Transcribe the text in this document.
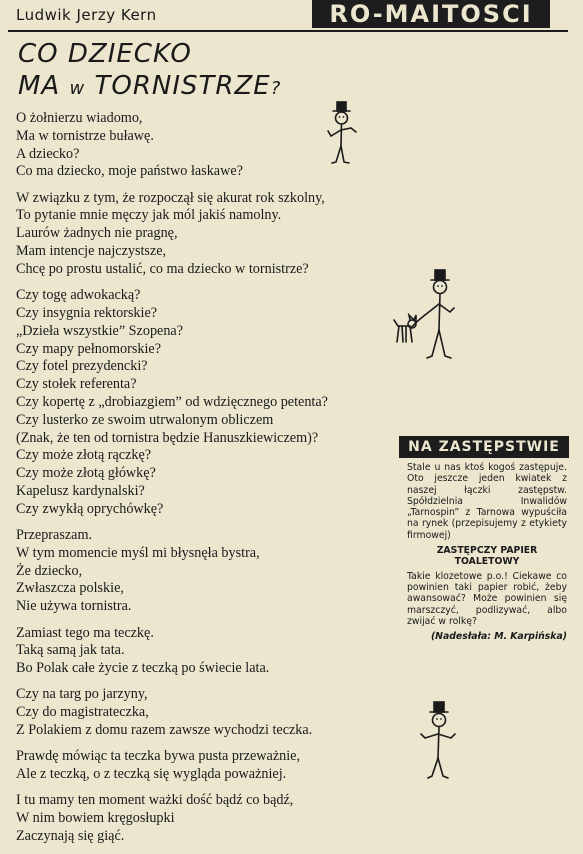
Ludwik Jerzy Kern	RO-MAITOSCI
CO DZIECKO
MA w TORNISTRZE?
O żołnierzu wiadomo,
Ma w tornistrze buławę.
A dziecko?
Co ma dziecko, moje państwo łaskawe?
W związku z tym, że rozpoczął się akurat rok szkolny,
To pytanie mnie męczy jak mól jakiś namolny.
Laurów żadnych nie pragnę,
Mam intencje najczystsze,
Chcę po prostu ustalić, co ma dziecko w tornistrze?
Czy togę adwokacką?
Czy insygnia rektorskie?
„Dzieła wszystkie” Szopena?
Czy mapy pełnomorskie?
Czy fotel prezydencki?
Czy stołek referenta?
Czy kopertę z „drobiazgiem” od wdzięcznego petenta?
Czy lusterko ze swoim utrwalonym obliczem
(Znak, że ten od tornistra będzie Hanuszkiewiczem)?
Czy może złotą rączkę?
Czy może złotą główkę?
Kapelusz kardynalski?
Czy zwykłą oprychówkę?
Przepraszam.
W tym momencie myśl mi błysnęła bystra,
Że dziecko,
Zwłaszcza polskie,
Nie używa tornistra.
Zamiast tego ma teczkę.
Taką samą jak tata.
Bo Polak całe życie z teczką po świecie lata.
Czy na targ po jarzyny,
Czy do magistrateczka,
Z Polakiem z domu razem zawsze wychodzi teczka.
Prawdę mówiąc ta teczka bywa pusta przeważnie,
Ale z teczką, o z teczką się wygląda poważniej.
I tu mamy ten moment ważki dość bądź co bądź,
W nim bowiem kręgosłupki
Zaczynają się giąć.
NA ZASTĘPSTWIE

Stale u nas ktoś kogoś zastępuje. Oto jeszcze jeden kwiatek z naszej łączki zastępstw. Spółdzielnia Inwalidów „Tarnospin” z Tarnowa wypuściła na rynek (przepisujemy z etykiety firmowej)

ZASTĘPCZY PAPIER TOALETOWY

Takie klozetowe p.o.! Ciekawe co powinien taki papier robić, żeby awansować? Może powinien się marszczyć, podlizywać, albo zwijać w rolkę?

(Nadesłała: M. Karpińska)
